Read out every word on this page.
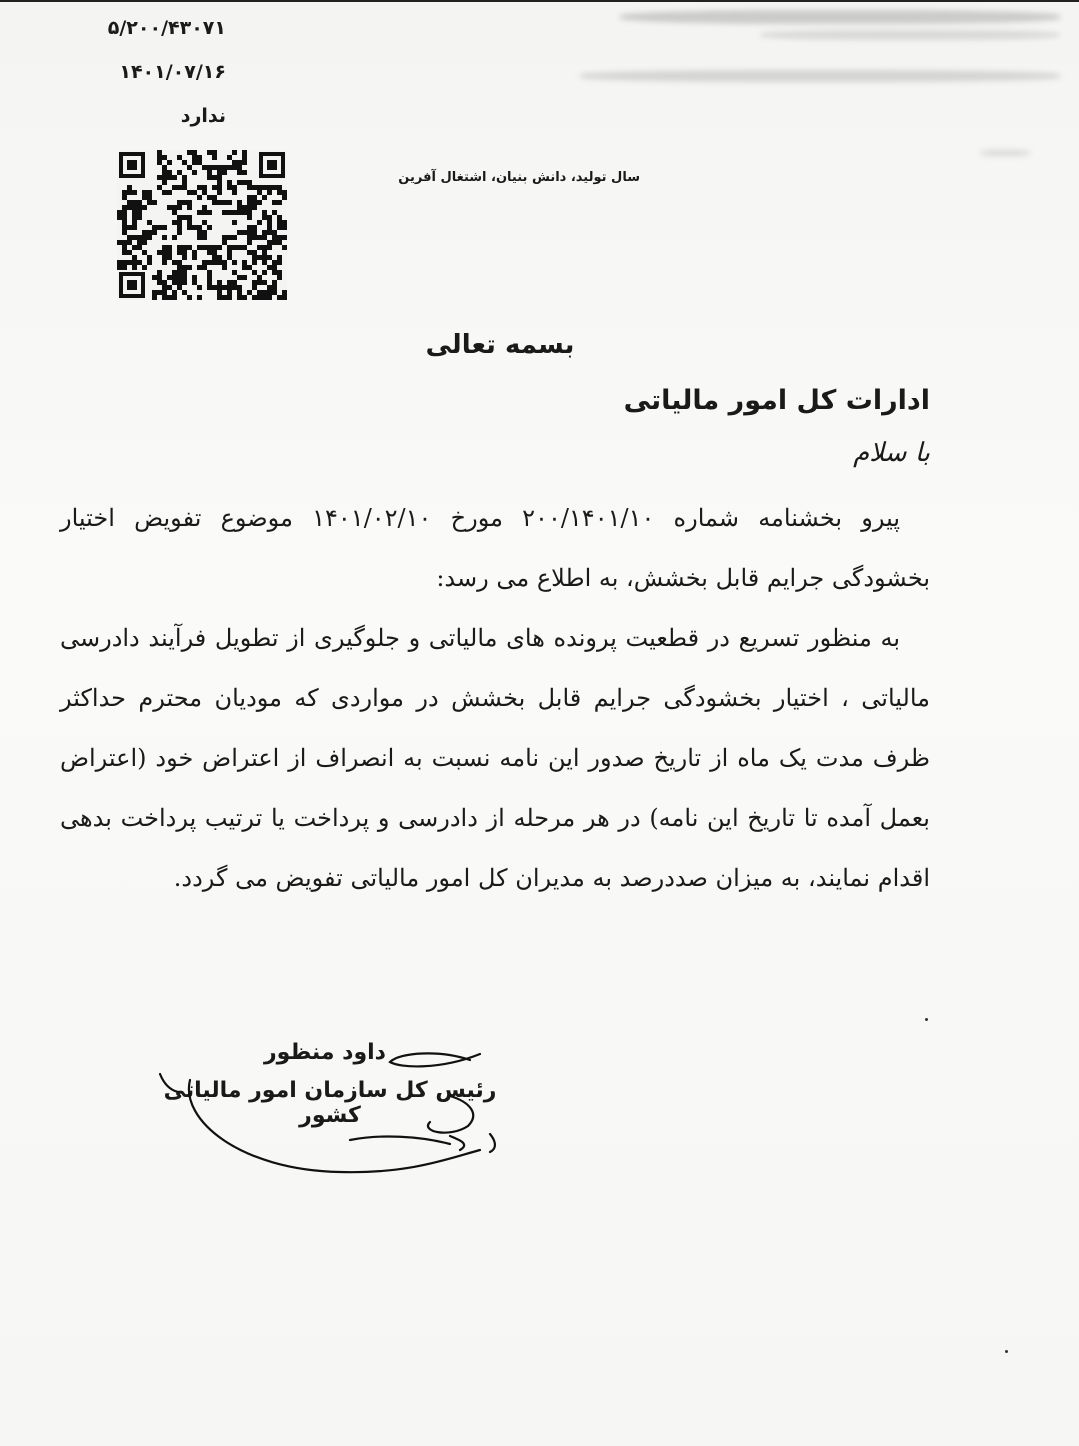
۵/۲۰۰/۴۳۰۷۱
۱۴۰۱/۰۷/۱۶
ندارد
سال تولید، دانش بنیان، اشتغال آفرین
بسمه تعالی
ادارات کل امور مالیاتی
با سلام

پیرو بخشنامه شماره ۲۰۰/۱۴۰۱/۱۰ مورخ ۱۴۰۱/۰۲/۱۰ موضوع تفویض اختیار بخشودگی جرایم قابل بخشش، به اطلاع می رسد:

به منظور تسریع در قطعیت پرونده های مالیاتی و جلوگیری از تطویل فرآیند دادرسی مالیاتی ، اختیار بخشودگی جرایم قابل بخشش در مواردی که مودیان محترم حداکثر ظرف مدت یک ماه از تاریخ صدور این نامه نسبت به انصراف از اعتراض خود (اعتراض بعمل آمده تا تاریخ این نامه) در هر مرحله از دادرسی و پرداخت یا ترتیب پرداخت بدهی اقدام نمایند، به میزان صددرصد به مدیران کل امور مالیاتی تفویض می گردد.

داود منظور
رئیس کل سازمان امور مالیاتی کشور
